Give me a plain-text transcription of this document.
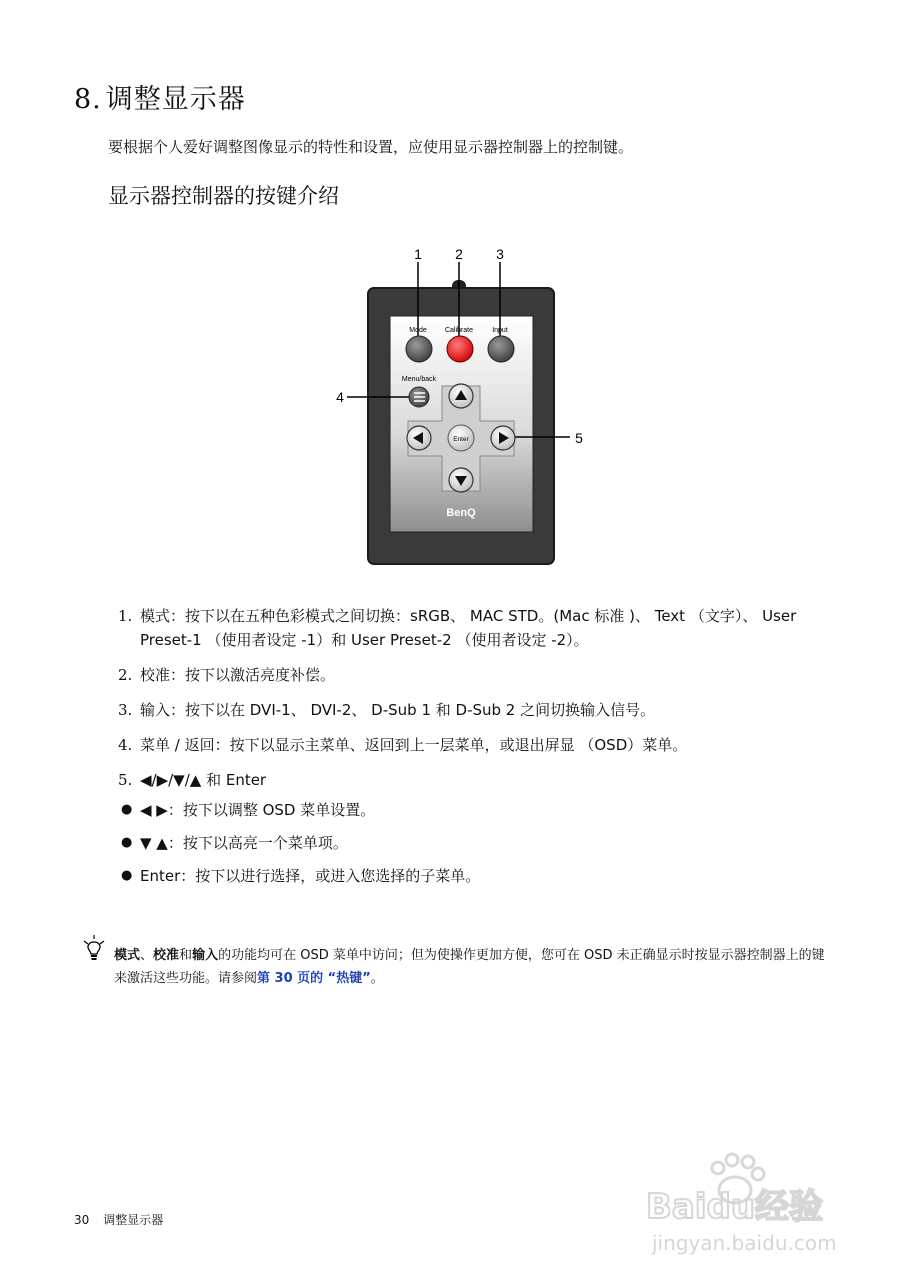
8. 调整显示器
要根据个人爱好调整图像显示的特性和设置，应使用显示器控制器上的控制键。
显示器控制器的按键介绍
1 2 3
4
5
Mode	Calibrate	Input
Menu/back
Enter
BenQ
1. 模式：按下以在五种色彩模式之间切换：sRGB、 MAC STD。(Mac 标准 )、 Text （文字）、 User Preset-1 （使用者设定 -1）和 User Preset-2 （使用者设定 -2）。
2. 校准：按下以激活亮度补偿。
3. 输入：按下以在 DVI-1、 DVI-2、 D-Sub 1 和 D-Sub 2 之间切换输入信号。
4. 菜单 / 返回：按下以显示主菜单、返回到上一层菜单，或退出屏显 （OSD）菜单。
5. ◀/▶/▼/▲ 和 Enter
● ◀ ▶：按下以调整 OSD 菜单设置。
● ▼ ▲：按下以高亮一个菜单项。
● Enter：按下以进行选择，或进入您选择的子菜单。
模式、校准和输入的功能均可在 OSD 菜单中访问；但为使操作更加方便，您可在 OSD 未正确显示时按显示器控制器上的键来激活这些功能。请参阅第 30 页的 “热键”。
30 调整显示器	Baidu经验
jingyan.baidu.com
